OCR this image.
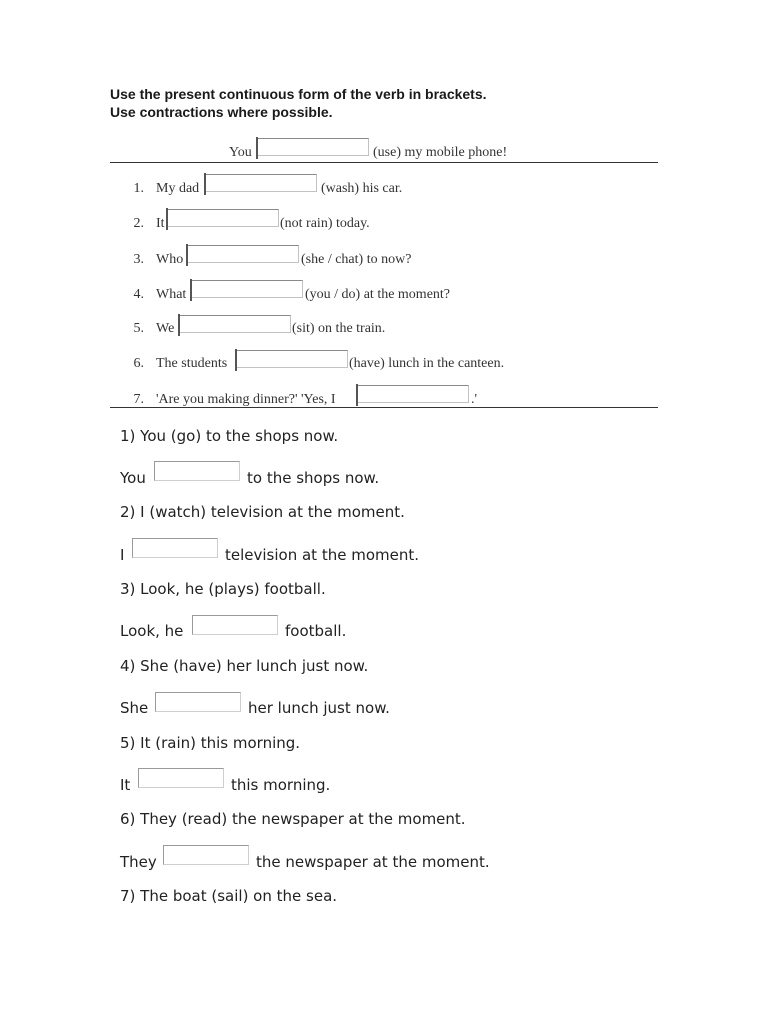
Use the present continuous form of the verb in brackets.
Use contractions where possible.
You	(use) my mobile phone!
1. My dad	(wash) his car.
2. It	(not rain) today.
3. Who	(she / chat) to now?
4. What	(you / do) at the moment?
5. We	(sit) on the train.
6. The students	(have) lunch in the canteen.
7. 'Are you making dinner?' 'Yes, I	.'
1) You (go) to the shops now.
You	to the shops now.
2) I (watch) television at the moment.
I	television at the moment.
3) Look, he (plays) football.
Look, he	football.
4) She (have) her lunch just now.
She	her lunch just now.
5) It (rain) this morning.
It	this morning.
6) They (read) the newspaper at the moment.
They	the newspaper at the moment.
7) The boat (sail) on the sea.
